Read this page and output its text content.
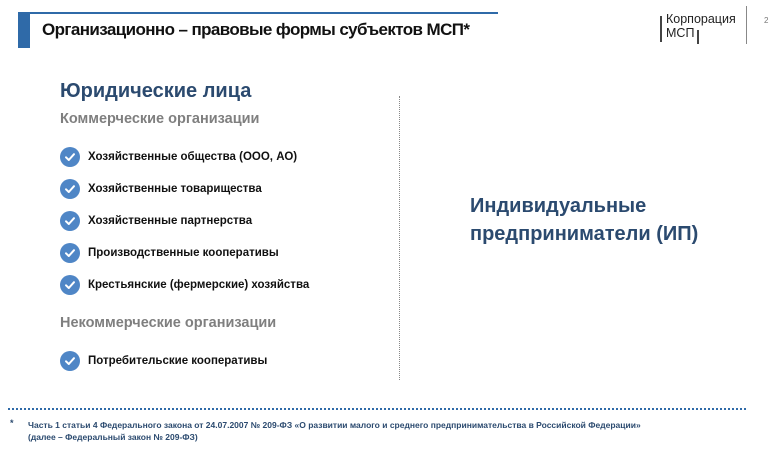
Организационно – правовые формы субъектов МСП*
Корпорация
МСП
2
Юридические лица
Коммерческие организации
Хозяйственные общества (ООО, АО)
Хозяйственные товарищества
Хозяйственные партнерства
Производственные кооперативы
Крестьянские (фермерские) хозяйства
Некоммерческие организации
Потребительские кооперативы
Индивидуальные
предприниматели (ИП)
* Часть 1 статьи 4 Федерального закона от 24.07.2007 № 209-ФЗ «О развитии малого и среднего предпринимательства в Российской Федерации»
(далее – Федеральный закон № 209-ФЗ)
